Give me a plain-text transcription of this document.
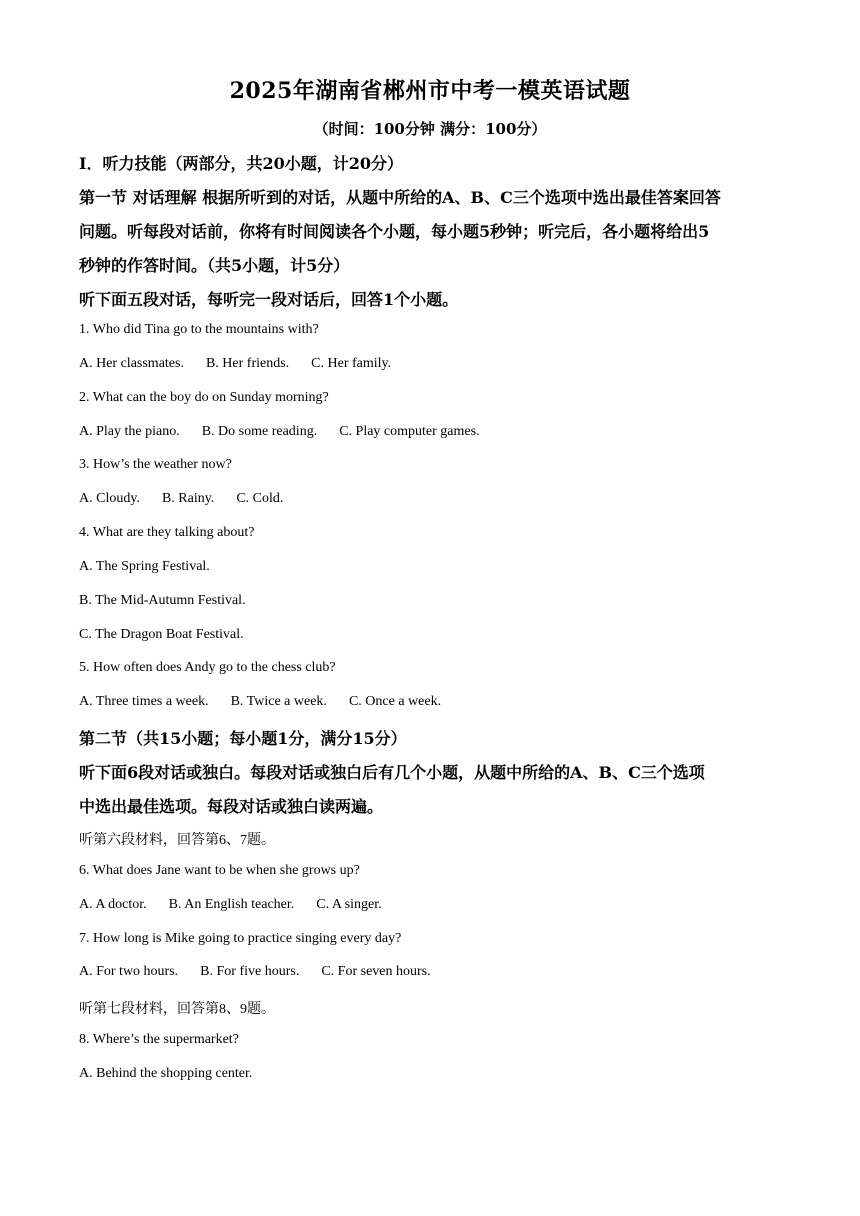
2025年湖南省郴州市中考一模英语试题
（时间：100分钟 满分：100分）
Ⅰ．听力技能（两部分，共20小题，计20分）
第一节 对话理解 根据所听到的对话，从题中所给的A、B、C三个选项中选出最佳答案回答
问题。听每段对话前，你将有时间阅读各个小题，每小题5秒钟；听完后，各小题将给出5
秒钟的作答时间。（共5小题，计5分）
听下面五段对话，每听完一段对话后，回答1个小题。
1. Who did Tina go to the mountains with?
A. Her classmates. B. Her friends. C. Her family.
2. What can the boy do on Sunday morning?
A. Play the piano. B. Do some reading. C. Play computer games.
3. How’s the weather now?
A. Cloudy. B. Rainy. C. Cold.
4. What are they talking about?
A. The Spring Festival.
B. The Mid-Autumn Festival.
C. The Dragon Boat Festival.
5. How often does Andy go to the chess club?
A. Three times a week. B. Twice a week. C. Once a week.
第二节（共15小题；每小题1分，满分15分）
听下面6段对话或独白。每段对话或独白后有几个小题，从题中所给的A、B、C三个选项
中选出最佳选项。每段对话或独白读两遍。
听第六段材料，回答第6、7题。
6. What does Jane want to be when she grows up?
A. A doctor. B. An English teacher. C. A singer.
7. How long is Mike going to practice singing every day?
A. For two hours. B. For five hours. C. For seven hours.
听第七段材料，回答第8、9题。
8. Where’s the supermarket?
A. Behind the shopping center.
